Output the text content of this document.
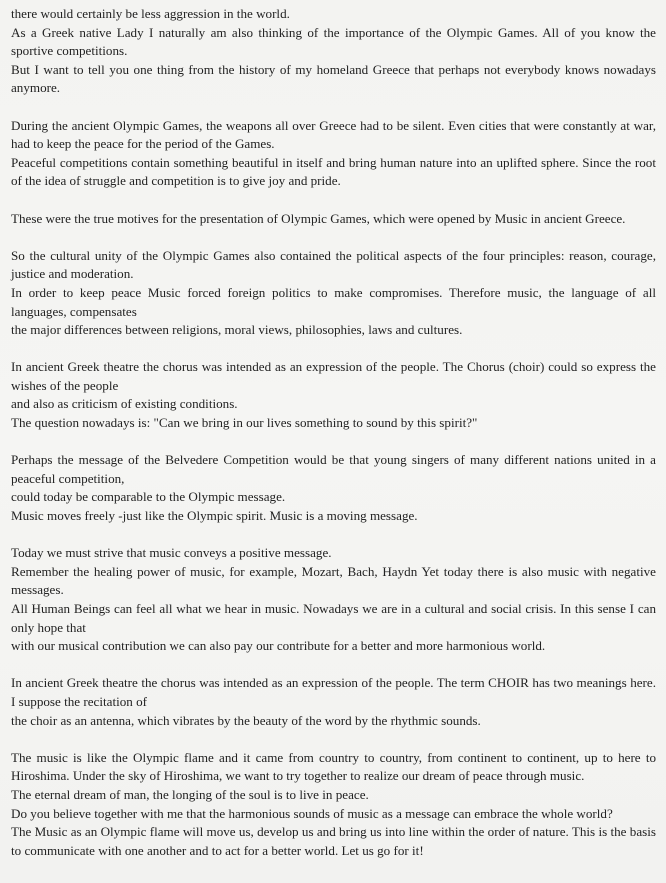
there would certainly be less aggression in the world.
As a Greek native Lady I naturally am also thinking of the importance of the Olympic Games. All of you know the sportive competitions.
But I want to tell you one thing from the history of my homeland Greece that perhaps not everybody knows nowadays anymore.
During the ancient Olympic Games, the weapons all over Greece had to be silent. Even cities that were constantly at war, had to keep the peace for the period of the Games.
Peaceful competitions contain something beautiful in itself and bring human nature into an uplifted sphere. Since the root of the idea of struggle and competition is to give joy and pride.
These were the true motives for the presentation of Olympic Games, which were opened by Music in ancient Greece.
So the cultural unity of the Olympic Games also contained the political aspects of the four principles: reason, courage, justice and moderation.
In order to keep peace Music forced foreign politics to make compromises. Therefore music, the language of all languages, compensates
the major differences between religions, moral views, philosophies, laws and cultures.
In ancient Greek theatre the chorus was intended as an expression of the people. The Chorus (choir) could so express the wishes of the people
and also as criticism of existing conditions.
The question nowadays is: "Can we bring in our lives something to sound by this spirit?"
Perhaps the message of the Belvedere Competition would be that young singers of many different nations united in a peaceful competition,
could today be comparable to the Olympic message.
Music moves freely -just like the Olympic spirit. Music is a moving message.
Today we must strive that music conveys a positive message.
Remember the healing power of music, for example, Mozart, Bach, Haydn Yet today there is also music with negative messages.
All Human Beings can feel all what we hear in music. Nowadays we are in a cultural and social crisis. In this sense I can only hope that
with our musical contribution we can also pay our contribute for a better and more harmonious world.
In ancient Greek theatre the chorus was intended as an expression of the people. The term CHOIR has two meanings here. I suppose the recitation of
the choir as an antenna, which vibrates by the beauty of the word by the rhythmic sounds.
The music is like the Olympic flame and it came from country to country, from continent to continent, up to here to Hiroshima. Under the sky of Hiroshima, we want to try together to realize our dream of peace through music.
The eternal dream of man, the longing of the soul is to live in peace.
Do you believe together with me that the harmonious sounds of music as a message can embrace the whole world?
The Music as an Olympic flame will move us, develop us and bring us into line within the order of nature. This is the basis to communicate with one another and to act for a better world. Let us go for it!
